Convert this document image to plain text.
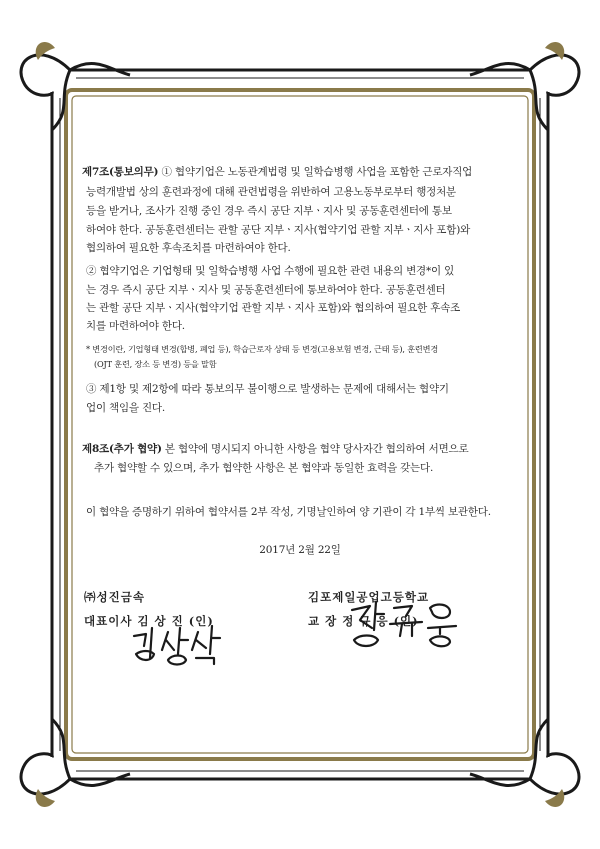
제7조(통보의무) ① 협약기업은 노동관계법령 및 일학습병행 사업을 포함한 근로자직업
능력개발법 상의 훈련과정에 대해 관련법령을 위반하여 고용노동부로부터 행정처분
등을 받거나, 조사가 진행 중인 경우 즉시 공단 지부ㆍ지사 및 공동훈련센터에 통보
하여야 한다. 공동훈련센터는 관할 공단 지부ㆍ지사(협약기업 관할 지부ㆍ지사 포함)와
협의하여 필요한 후속조치를 마련하여야 한다.
② 협약기업은 기업형태 및 일학습병행 사업 수행에 필요한 관련 내용의 변경*이 있
는 경우 즉시 공단 지부ㆍ지사 및 공동훈련센터에 통보하여야 한다. 공동훈련센터
는 관할 공단 지부ㆍ지사(협약기업 관할 지부ㆍ지사 포함)와 협의하여 필요한 후속조
치를 마련하여야 한다.
* 변경이란, 기업형태 변경(합병, 폐업 등), 학습근로자 상태 등 변경(고용보험 변경, 근태 등), 훈련변경
(OJT 훈련, 장소 등 변경) 등을 말함
③ 제1항 및 제2항에 따라 통보의무 불이행으로 발생하는 문제에 대해서는 협약기
업이 책임을 진다.
제8조(추가 협약) 본 협약에 명시되지 아니한 사항을 협약 당사자간 협의하여 서면으로
추가 협약할 수 있으며, 추가 협약한 사항은 본 협약과 동일한 효력을 갖는다.
이 협약을 증명하기 위하여 협약서를 2부 작성, 기명날인하여 양 기관이 각 1부씩 보관한다.
2017년 2월 22일
㈜성진금속
대표이사 김 상 진 (인)
김포제일공업고등학교
교 장 정 규 응 (인)
